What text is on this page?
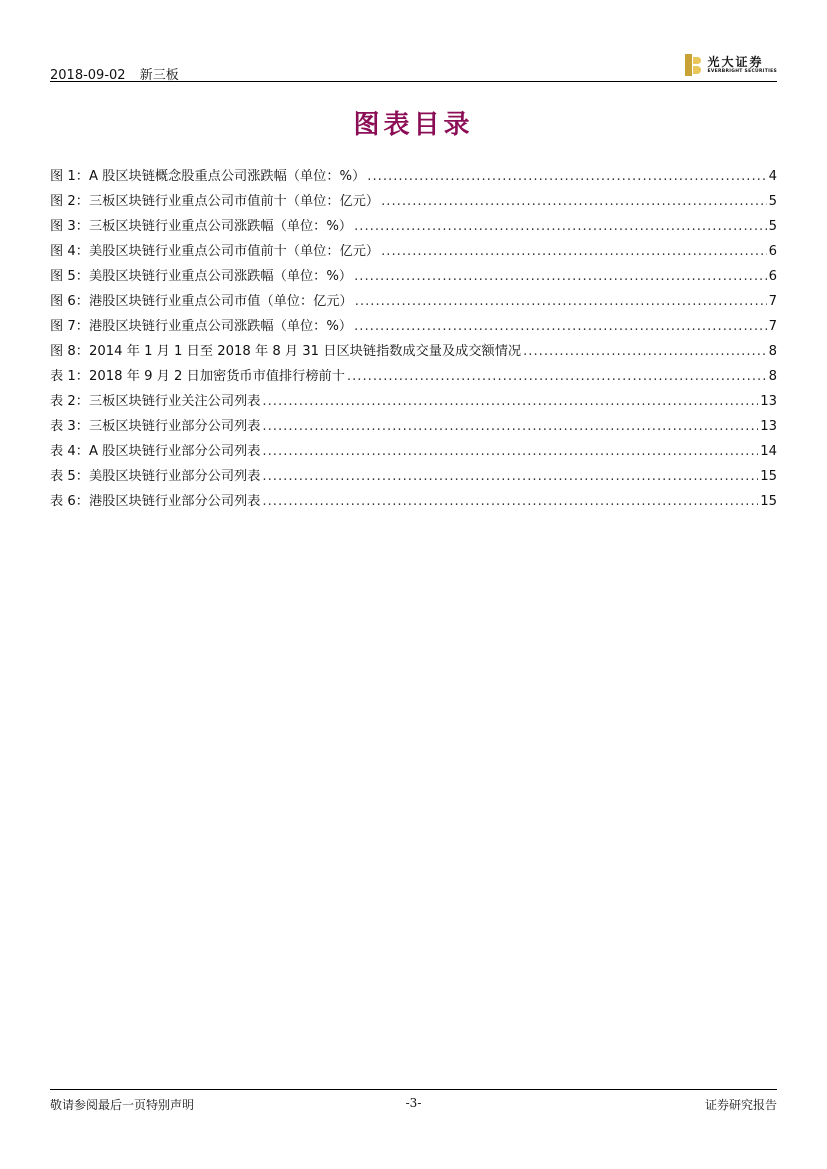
2018-09-02 新三板
光大证券
EVERBRIGHT SECURITIES
图表目录
图 1：A 股区块链概念股重点公司涨跌幅（单位：%） .....	4
图 2：三板区块链行业重点公司市值前十（单位：亿元） .....	5
图 3：三板区块链行业重点公司涨跌幅（单位：%） .....	5
图 4：美股区块链行业重点公司市值前十（单位：亿元） .....	6
图 5：美股区块链行业重点公司涨跌幅（单位：%） .....	6
图 6：港股区块链行业重点公司市值（单位：亿元） .....	7
图 7：港股区块链行业重点公司涨跌幅（单位：%） .....	7
图 8：2014 年 1 月 1 日至 2018 年 8 月 31 日区块链指数成交量及成交额情况 .....	8
表 1：2018 年 9 月 2 日加密货币市值排行榜前十 .....	8
表 2：三板区块链行业关注公司列表 .....	13
表 3：三板区块链行业部分公司列表 .....	13
表 4：A 股区块链行业部分公司列表 .....	14
表 5：美股区块链行业部分公司列表 .....	15
表 6：港股区块链行业部分公司列表 .....	15
敬请参阅最后一页特别声明	-3-	证券研究报告
